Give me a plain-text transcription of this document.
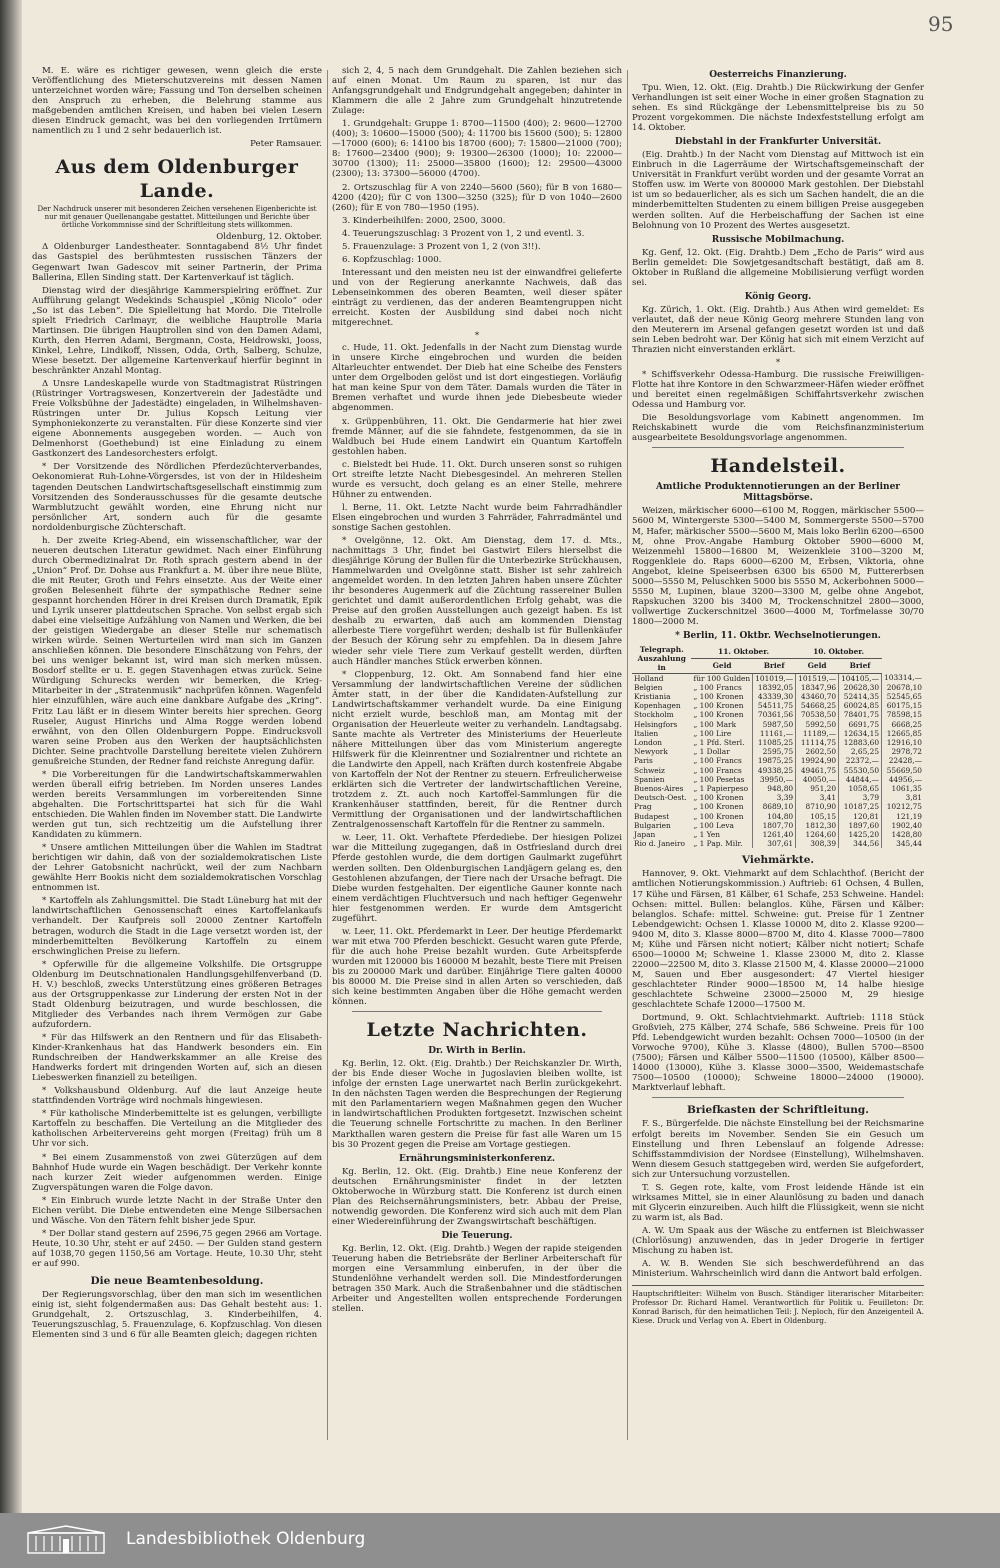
95

M. E. wäre es richtiger gewesen, wenn gleich die erste Veröffentlichung des Mieterschutzvereins mit dessen Namen unterzeichnet worden wäre; Fassung und Ton derselben scheinen den Anspruch zu erheben, die Belehrung stamme aus maßgebenden amtlichen Kreisen, und haben bei vielen Lesern diesen Eindruck gemacht, was bei den vorliegenden Irrtümern namentlich zu 1 und 2 sehr bedauerlich ist.

Peter Ramsauer.
Aus dem Oldenburger Lande.
Der Nachdruck unserer mit besonderen Zeichen versehenen Eigenberichte ist nur mit genauer Quellenangabe gestattet. Mitteilungen und Berichte über örtliche Vorkommnisse sind der Schriftleitung stets willkommen.
Oldenburg, 12. Oktober.

Δ Oldenburger Landestheater. Sonntagabend 8½ Uhr findet das Gastspiel des berühmtesten russischen Tänzers der Gegenwart Iwan Gadescov mit seiner Partnerin, der Prima Ballerina, Ellen Sinding statt. Der Kartenverkauf ist täglich.

Dienstag wird der diesjährige Kammerspielring eröffnet. Zur Aufführung gelangt Wedekinds Schauspiel „König Nicolo“ oder „So ist das Leben“. Die Spielleitung hat Mordo. Die Titelrolle spielt Friedrich Carlmayr, die weibliche Hauptrolle Maria Martinsen. Die übrigen Hauptrollen sind von den Damen Adami, Kurth, den Herren Adami, Bergmann, Costa, Heidrowski, Jooss, Kinkel, Lehre, Lindikoff, Nissen, Odda, Orth, Salberg, Schulze, Wiese besetzt. Der allgemeine Kartenverkauf hierfür beginnt in beschränkter Anzahl Montag.

Δ Unsre Landeskapelle wurde von Stadtmagistrat Rüstringen (Rüstringer Vortragswesen, Konzertverein der Jadestädte und Freie Volksbühne der Jadestädte) eingeladen, in Wilhelmshaven-Rüstringen unter Dr. Julius Kopsch Leitung vier Symphoniekonzerte zu veranstalten. Für diese Konzerte sind vier eigene Abonnements ausgegeben worden. — Auch von Delmenhorst (Goethebund) ist eine Einladung zu einem Gastkonzert des Landesorchesters erfolgt.

* Der Vorsitzende des Nördlichen Pferdezüchterverbandes, Oekonomierat Ruh-Lohne-Vörgersdes, ist von der in Hildesheim tagenden Deutschen Landwirtschaftsgesellschaft einstimmig zum Vorsitzenden des Sonderausschusses für die gesamte deutsche Warmblutzucht gewählt worden, eine Ehrung nicht nur persönlicher Art, sondern auch für die gesamte nordoldenburgische Züchterschaft.

h. Der zweite Krieg-Abend, ein wissenschaftlicher, war der neueren deutschen Literatur gewidmet. Nach einer Einführung durch Obermedizinalrat Dr. Roth sprach gestern abend in der „Union“ Prof. Dr. Dohse aus Frankfurt a. M. über ihre neue Blüte, die mit Reuter, Groth und Fehrs einsetzte. Aus der Weite einer großen Belesenheit führte der sympathische Redner seine gespannt horchenden Hörer in drei Kreisen durch Dramatik, Epik und Lyrik unserer plattdeutschen Sprache. Von selbst ergab sich dabei eine vielseitige Aufzählung von Namen und Werken, die bei der geistigen Wiedergabe an dieser Stelle nur schematisch wirken würde. Seinen Werturteilen wird man sich im Ganzen anschließen können. Die besondere Einschätzung von Fehrs, der bei uns weniger bekannt ist, wird man sich merken müssen. Bosdorf stellte er u. E. gegen Stavenhagen etwas zurück. Seine Würdigung Schurecks werden wir bemerken, die Krieg-Mitarbeiter in der „Stratenmusik“ nachprüfen können. Wagenfeld hier einzufühlen, wäre auch eine dankbare Aufgabe des „Kring“. Fritz Lau läßt er in diesem Winter bereits hier sprechen. Georg Ruseler, August Hinrichs und Alma Rogge werden lobend erwähnt, von den Ollen Oldenburgern Poppe. Eindrucksvoll waren seine Proben aus den Werken der hauptsächlichsten Dichter. Seine prachtvolle Darstellung bereitete vielen Zuhörern genußreiche Stunden, der Redner fand reichste Anregung dafür.

* Die Vorbereitungen für die Landwirtschaftskammerwahlen werden überall eifrig betrieben. Im Norden unseres Landes werden bereits Versammlungen im vorbereitenden Sinne abgehalten. Die Fortschrittspartei hat sich für die Wahl entschieden. Die Wahlen finden im November statt. Die Landwirte werden gut tun, sich rechtzeitig um die Aufstellung ihrer Kandidaten zu kümmern.

* Unsere amtlichen Mitteilungen über die Wahlen im Stadtrat berichtigen wir dahin, daß von der sozialdemokratischen Liste der Lehrer Gatobsnicht nachrückt, weil der zum Nachbarn gewählte Herr Bookis nicht dem sozialdemokratischen Vorschlag entnommen ist.

* Kartoffeln als Zahlungsmittel. Die Stadt Lüneburg hat mit der landwirtschaftlichen Genossenschaft eines Kartoffelankaufs verhandelt. Der Kaufpreis soll 20000 Zentner Kartoffeln betragen, wodurch die Stadt in die Lage versetzt worden ist, der minderbemittelten Bevölkerung Kartoffeln zu einem erschwinglichen Preise zu liefern.

* Opferwille für die allgemeine Volkshilfe. Die Ortsgruppe Oldenburg im Deutschnationalen Handlungsgehilfenverband (D. H. V.) beschloß, zwecks Unterstützung eines größeren Betrages aus der Ortsgruppenkasse zur Linderung der ersten Not in der Stadt Oldenburg beizutragen, und wurde beschlossen, die Mitglieder des Verbandes nach ihrem Vermögen zur Gabe aufzufordern.

* Für das Hilfswerk an den Rentnern und für das Elisabeth-Kinder-Krankenhaus hat das Handwerk besonders ein. Ein Rundschreiben der Handwerkskammer an alle Kreise des Handwerks fordert mit dringenden Worten auf, sich an diesen Liebeswerken finanziell zu beteiligen.

* Volkshausbund Oldenburg. Auf die laut Anzeige heute stattfindenden Vorträge wird nochmals hingewiesen.

* Für katholische Minderbemittelte ist es gelungen, verbilligte Kartoffeln zu beschaffen. Die Verteilung an die Mitglieder des katholischen Arbeitervereins geht morgen (Freitag) früh um 8 Uhr vor sich.

* Bei einem Zusammenstoß von zwei Güterzügen auf dem Bahnhof Hude wurde ein Wagen beschädigt. Der Verkehr konnte nach kurzer Zeit wieder aufgenommen werden. Einige Zugverspätungen waren die Folge davon.

* Ein Einbruch wurde letzte Nacht in der Straße Unter den Eichen verübt. Die Diebe entwendeten eine Menge Silbersachen und Wäsche. Von den Tätern fehlt bisher jede Spur.

* Der Dollar stand gestern auf 2596,75 gegen 2966 am Vortage. Heute, 10.30 Uhr, steht er auf 2450. — Der Gulden stand gestern auf 1038,70 gegen 1150,56 am Vortage. Heute, 10.30 Uhr, steht er auf 990.

Die neue Beamtenbesoldung.

Der Regierungsvorschlag, über den man sich im wesentlichen einig ist, sieht folgendermaßen aus: Das Gehalt besteht aus: 1. Grundgehalt, 2. Ortszuschlag, 3. Kinderbeihilfen, 4. Teuerungszuschlag, 5. Frauenzulage, 6. Kopfzuschlag. Von diesen Elementen sind 3 und 6 für alle Beamten gleich; dagegen richten

sich 2, 4, 5 nach dem Grundgehalt. Die Zahlen beziehen sich auf einen Monat. Um Raum zu sparen, ist nur das Anfangsgrundgehalt und Endgrundgehalt angegeben; dahinter in Klammern die alle 2 Jahre zum Grundgehalt hinzutretende Zulage:

1. Grundgehalt: Gruppe 1: 8700—11500 (400); 2: 9600—12700 (400); 3: 10600—15000 (500); 4: 11700 bis 15600 (500); 5: 12800—17000 (600); 6: 14100 bis 18700 (600); 7: 15800—21000 (700); 8: 17600—23400 (900); 9: 19300—26300 (1000); 10: 22000—30700 (1300); 11: 25000—35800 (1600); 12: 29500—43000 (2300); 13: 37300—56000 (4700).

2. Ortszuschlag für A von 2240—5600 (560); für B von 1680—4200 (420); für C von 1300—3250 (325); für D von 1040—2600 (260); für E von 780—1950 (195).

3. Kinderbeihilfen: 2000, 2500, 3000.

4. Teuerungszuschlag: 3 Prozent von 1, 2 und eventl. 3.

5. Frauenzulage: 3 Prozent von 1, 2 (von 3!!).

6. Kopfzuschlag: 1000.

Interessant und den meisten neu ist der einwandfrei gelieferte und von der Regierung anerkannte Nachweis, daß das Lebenseinkommen des oberen Beamten, weil dieser später einträgt zu verdienen, das der anderen Beamtengruppen nicht erreicht. Kosten der Ausbildung sind dabei noch nicht mitgerechnet.

*

c. Hude, 11. Okt. Jedenfalls in der Nacht zum Dienstag wurde in unsere Kirche eingebrochen und wurden die beiden Altarleuchter entwendet. Der Dieb hat eine Scheibe des Fensters unter dem Orgelboden gelöst und ist dort eingestiegen. Vorläufig hat man keine Spur von dem Täter. Damals wurden die Täter in Bremen verhaftet und wurde ihnen jede Diebesbeute wieder abgenommen.

x. Grüppenbühren, 11. Okt. Die Gendarmerie hat hier zwei fremde Männer, auf die sie fahndete, festgenommen, da sie in Waldbuch bei Hude einem Landwirt ein Quantum Kartoffeln gestohlen haben.

c. Bielstedt bei Hude. 11. Okt. Durch unseren sonst so ruhigen Ort streifte letzte Nacht Diebesgesindel. An mehreren Stellen wurde es versucht, doch gelang es an einer Stelle, mehrere Hühner zu entwenden.

l. Berne, 11. Okt. Letzte Nacht wurde beim Fahrradhändler Elsen eingebrochen und wurden 3 Fahrräder, Fahrradmäntel und sonstige Sachen gestohlen.

* Ovelgönne, 12. Okt. Am Dienstag, dem 17. d. Mts., nachmittags 3 Uhr, findet bei Gastwirt Eilers hierselbst die diesjährige Körung der Bullen für die Unterbezirke Strückhausen, Hammelwarden und Ovelgönne statt. Bisher ist sehr zahlreich angemeldet worden. In den letzten Jahren haben unsere Züchter ihr besonderes Augenmerk auf die Züchtung rassereiner Bullen gerichtet und damit außerordentlichen Erfolg gehabt, was die Preise auf den großen Ausstellungen auch gezeigt haben. Es ist deshalb zu erwarten, daß auch am kommenden Dienstag allerbeste Tiere vorgeführt werden; deshalb ist für Bullenkäufer der Besuch der Körung sehr zu empfehlen. Da in diesem Jahre wieder sehr viele Tiere zum Verkauf gestellt werden, dürften auch Händler manches Stück erwerben können.

* Cloppenburg, 12. Okt. Am Sonnabend fand hier eine Versammlung der landwirtschaftlichen Vereine der südlichen Ämter statt, in der über die Kandidaten-Aufstellung zur Landwirtschaftskammer verhandelt wurde. Da eine Einigung nicht erzielt wurde, beschloß man, am Montag mit der Organisation der Heuerleute weiter zu verhandeln. Landtagsabg. Sante machte als Vertreter des Ministeriums der Heuerleute nähere Mitteilungen über das vom Ministerium angeregte Hilfswerk für die Kleinrentner und Sozialrentner und richtete an die Landwirte den Appell, nach Kräften durch kostenfreie Abgabe von Kartoffeln der Not der Rentner zu steuern. Erfreulicherweise erklärten sich die Vertreter der landwirtschaftlichen Vereine, trotzdem z. Zt. auch noch Kartoffel-Sammlungen für die Krankenhäuser stattfinden, bereit, für die Rentner durch Vermittlung der Organisationen und der landwirtschaftlichen Zentralgenossenschaft Kartoffeln für die Rentner zu sammeln.

w. Leer, 11. Okt. Verhaftete Pferdediebe. Der hiesigen Polizei war die Mitteilung zugegangen, daß in Ostfriesland durch drei Pferde gestohlen wurde, die dem dortigen Gaulmarkt zugeführt werden sollten. Den Oldenburgischen Landjägern gelang es, den Gestohlenen abzufangen, der Tiere nach der Ursache befragt. Die Diebe wurden festgehalten. Der eigentliche Gauner konnte nach einem verdächtigen Fluchtversuch und nach heftiger Gegenwehr hier festgenommen werden. Er wurde dem Amtsgericht zugeführt.

w. Leer, 11. Okt. Pferdemarkt in Leer. Der heutige Pferdemarkt war mit etwa 700 Pferden beschickt. Gesucht waren gute Pferde, für die auch hohe Preise bezahlt wurden. Gute Arbeitspferde wurden mit 120000 bis 160000 M bezahlt, beste Tiere mit Preisen bis zu 200000 Mark und darüber. Einjährige Tiere galten 40000 bis 80000 M. Die Preise sind in allen Arten so verschieden, daß sich keine bestimmten Angaben über die Höhe gemacht werden können.

Letzte Nachrichten.
Dr. Wirth in Berlin.

Kg. Berlin, 12. Okt. (Eig. Drahtb.) Der Reichskanzler Dr. Wirth, der bis Ende dieser Woche in Jugoslavien bleiben wollte, ist infolge der ernsten Lage unerwartet nach Berlin zurückgekehrt. In den nächsten Tagen werden die Besprechungen der Regierung mit den Parlamentariern wegen Maßnahmen gegen den Wucher in landwirtschaftlichen Produkten fortgesetzt. Inzwischen scheint die Teuerung schnelle Fortschritte zu machen. In den Berliner Markthallen waren gestern die Preise für fast alle Waren um 15 bis 30 Prozent gegen die Preise am Vortage gestiegen.

Ernährungsministerkonferenz.

Kg. Berlin, 12. Okt. (Eig. Drahtb.) Eine neue Konferenz der deutschen Ernährungsminister findet in der letzten Oktoberwoche in Würzburg statt. Die Konferenz ist durch einen Plan des Reichsernährungsministers, betr. Abbau der Preise, notwendig geworden. Die Konferenz wird sich auch mit dem Plan einer Wiedereinführung der Zwangswirtschaft beschäftigen.

Die Teuerung.

Kg. Berlin, 12. Okt. (Eig. Drahtb.) Wegen der rapide steigenden Teuerung haben die Betriebsräte der Berliner Arbeiterschaft für morgen eine Versammlung einberufen, in der über die Stundenlöhne verhandelt werden soll. Die Mindestforderungen betragen 350 Mark. Auch die Straßenbahner und die städtischen Arbeiter und Angestellten wollen entsprechende Forderungen stellen.

Oesterreichs Finanzierung.

Tpu. Wien, 12. Okt. (Eig. Drahtb.) Die Rückwirkung der Genfer Verhandlungen ist seit einer Woche in einer großen Stagnation zu sehen. Es sind Rückgänge der Lebensmittelpreise bis zu 50 Prozent vorgekommen. Die nächste Indexfeststellung erfolgt am 14. Oktober.

Diebstahl in der Frankfurter Universität.

(Eig. Drahtb.) In der Nacht vom Dienstag auf Mittwoch ist ein Einbruch in die Lagerräume der Wirtschaftsgemeinschaft der Universität in Frankfurt verübt worden und der gesamte Vorrat an Stoffen usw. im Werte von 800000 Mark gestohlen. Der Diebstahl ist um so bedauerlicher, als es sich um Sachen handelt, die an die minderbemittelten Studenten zu einem billigen Preise ausgegeben werden sollten. Auf die Herbeischaffung der Sachen ist eine Belohnung von 10 Prozent des Wertes ausgesetzt.

Russische Mobilmachung.

Kg. Genf, 12. Okt. (Eig. Drahtb.) Dem „Echo de Paris“ wird aus Berlin gemeldet: Die Sowjetgesandtschaft bestätigt, daß am 8. Oktober in Rußland die allgemeine Mobilisierung verfügt worden sei.

König Georg.

Kg. Zürich, 1. Okt. (Eig. Drahtb.) Aus Athen wird gemeldet: Es verlautet, daß der neue König Georg mehrere Stunden lang von den Meuterern im Arsenal gefangen gesetzt worden ist und daß sein Leben bedroht war. Der König hat sich mit einem Verzicht auf Thrazien nicht einverstanden erklärt.

*

* Schiffsverkehr Odessa-Hamburg. Die russische Freiwilligen-Flotte hat ihre Kontore in den Schwarzmeer-Häfen wieder eröffnet und bereitet einen regelmäßigen Schiffahrtsverkehr zwischen Odessa und Hamburg vor.

Die Besoldungsvorlage vom Kabinett angenommen. Im Reichskabinett wurde die vom Reichsfinanzministerium ausgearbeitete Besoldungsvorlage angenommen.

Handelsteil.
Amtliche Produktennotierungen an der Berliner Mittagsbörse.

Weizen, märkischer 6000—6100 M, Roggen, märkischer 5500—5600 M, Wintergerste 5300—5400 M, Sommergerste 5500—5700 M, Hafer, märkischer 5500—5600 M, Mais loko Berlin 6200—6500 M, ohne Prov.-Angabe Hamburg Oktober 5900—6000 M, Weizenmehl 15800—16800 M, Weizenkleie 3100—3200 M, Roggenkleie do. Raps 6000—6200 M, Erbsen, Viktoria, ohne Angebot, kleine Speiseerbsen 6300 bis 6500 M, Futtererbsen 5000—5550 M, Peluschken 5000 bis 5550 M, Ackerbohnen 5000—5550 M, Lupinen, blaue 3200—3300 M, gelbe ohne Angebot, Rapskuchen 3200 bis 3400 M, Trockenschnitzel 2800—3000, vollwertige Zuckerschnitzel 3600—4000 M, Torfmelasse 30/70 1800—2000 M.

* Berlin, 11. Oktbr. Wechselnotierungen.
Telegraph. Auszahlung in	11. Oktober.		10. Oktober.		
	Geld	Brief	Geld	Brief	
Holland	für 100 Gulden	101019,—	101519,—	104105,—	103314,—
Belgien	„ 100 Francs	18392,05	18347,96	20628,30	20678,10
Kristiania	„ 100 Kronen	43339,30	43460,70	52414,35	52545,65
Kopenhagen	„ 100 Kronen	54511,75	54668,25	60024,85	60175,15
Stockholm	„ 100 Kronen	70361,56	70538,50	78401,75	78598,15
Helsingfors	„ 100 Mark	5987,50	5992,50	6691,75	6668,25
Italien	„ 100 Lire	11161,—	11189,—	12634,15	12665,85
London	„ 1 Pfd. Sterl.	11085,25	11114,75	12883,60	12916,10
Newyork	„ 1 Dollar	2595,75	2602,50	2,65,25	2978,72
Paris	„ 100 Francs	19875,25	19924,90	22372,—	22428,—
Schweiz	„ 100 Francs	49338,25	49461,75	55530,50	55669,50
Spanien	„ 100 Pesetas	39950,—	40050,—	44844,—	44956,—
Buenos-Aires	„ 1 Papierpeso	948,80	951,20	1058,65	1061,35
Deutsch-Oest.	„ 100 Kronen	3,39	3,41	3,79	3,81
Prag	„ 100 Kronen	8689,10	8710,90	10187,25	10212,75
Budapest	„ 100 Kronen	104,80	105,15	120,81	121,19
Bulgarien	„ 100 Leva	1807,70	1812,30	1897,60	1902,40
Japan	„ 1 Yen	1261,40	1264,60	1425,20	1428,80
Rio d. Janeiro	„ 1 Pap. Milr.	307,61	308,39	344,56	345,44
Viehmärkte.

Hannover, 9. Okt. Viehmarkt auf dem Schlachthof. (Bericht der amtlichen Notierungskommission.) Auftrieb: 61 Ochsen, 4 Bullen, 17 Kühe und Färsen, 81 Kälber, 61 Schafe, 253 Schweine. Handel: Ochsen: mittel. Bullen: belanglos. Kühe, Färsen und Kälber: belanglos. Schafe: mittel. Schweine: gut. Preise für 1 Zentner Lebendgewicht: Ochsen 1. Klasse 10000 M, dito 2. Klasse 9200—9400 M, dito 3. Klasse 8000—8700 M, dito 4. Klasse 7000—7800 M; Kühe und Färsen nicht notiert; Kälber nicht notiert; Schafe 6500—10000 M; Schweine 1. Klasse 23000 M, dito 2. Klasse 22000—22500 M, dito 3. Klasse 21500 M, 4. Klasse 20000—21000 M, Sauen und Eber ausgesondert: 47 Viertel hiesiger geschlachteter Rinder 9000—18500 M, 14 halbe hiesige geschlachtete Schweine 23000—25000 M, 29 hiesige geschlachtete Schafe 12000—17500 M.

Dortmund, 9. Okt. Schlachtviehmarkt. Auftrieb: 1118 Stück Großvieh, 275 Kälber, 274 Schafe, 586 Schweine. Preis für 100 Pfd. Lebendgewicht wurden bezahlt: Ochsen 7000—10500 (in der Vorwoche 9700), Kühe 3. Klasse (4800), Bullen 5700—8500 (7500); Färsen und Kälber 5500—11500 (10500), Kälber 8500—14000 (13000), Kühe 3. Klasse 3000—3500, Weidemastschafe 7500—10500 (10000); Schweine 18000—24000 (19000). Marktverlauf lebhaft.

Briefkasten der Schriftleitung.

F. S., Bürgerfelde. Die nächste Einstellung bei der Reichsmarine erfolgt bereits im November. Senden Sie ein Gesuch um Einstellung und Ihren Lebenslauf an folgende Adresse: Schiffsstammdivision der Nordsee (Einstellung), Wilhelmshaven. Wenn diesem Gesuch stattgegeben wird, werden Sie aufgefordert, sich zur Untersuchung vorzustellen.

T. S. Gegen rote, kalte, vom Frost leidende Hände ist ein wirksames Mittel, sie in einer Alaunlösung zu baden und danach mit Glycerin einzureiben. Auch hilft die Flüssigkeit, wenn sie nicht zu warm ist, als Bad.

A. W. Um Spaak aus der Wäsche zu entfernen ist Bleichwasser (Chlorlösung) anzuwenden, das in jeder Drogerie in fertiger Mischung zu haben ist.

A. W. B. Wenden Sie sich beschwerdeführend an das Ministerium. Wahrscheinlich wird dann die Antwort bald erfolgen.

Hauptschriftleiter: Wilhelm von Busch. Ständiger literarischer Mitarbeiter: Professor Dr. Richard Hamel. Verantwortlich für Politik u. Feuilleton: Dr. Konrad Barisch, für den heimatlichen Teil: J. Neploch, für den Anzeigenteil A. Kiese. Druck und Verlag von A. Ebert in Oldenburg.
Landesbibliothek Oldenburg
